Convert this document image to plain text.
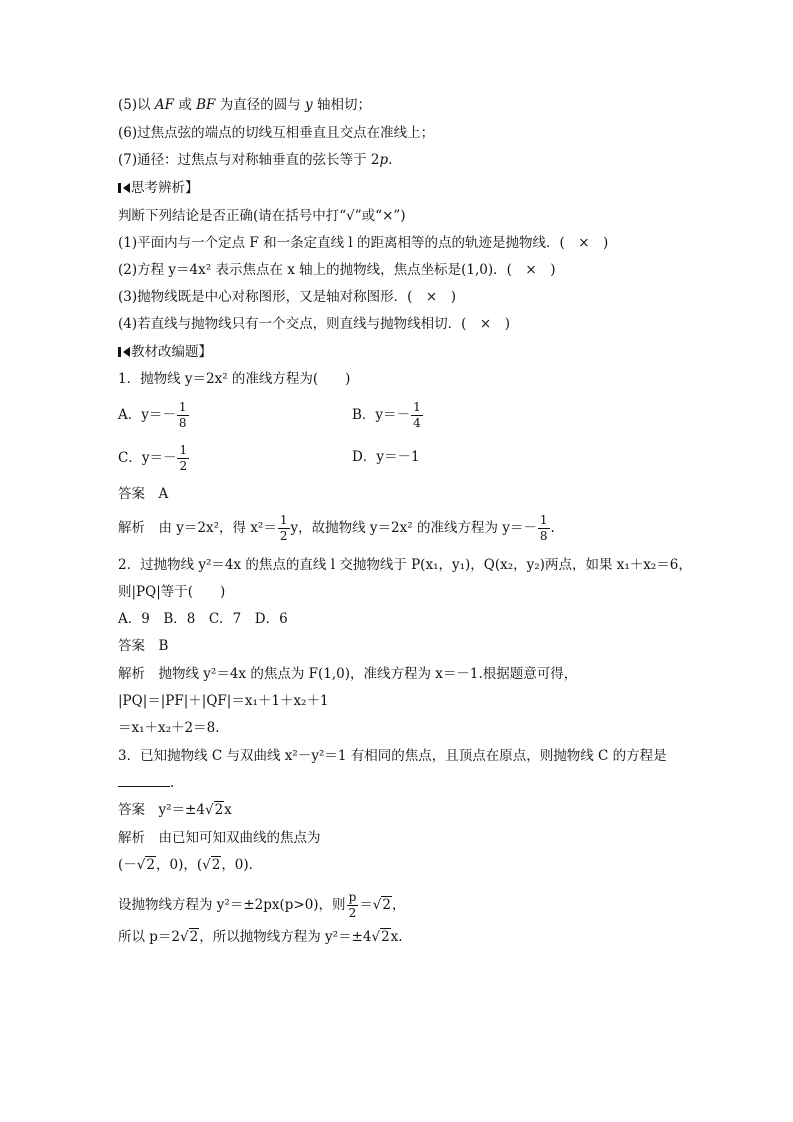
(5)以 AF 或 BF 为直径的圆与 y 轴相切；
(6)过焦点弦的端点的切线互相垂直且交点在准线上；
(7)通径：过焦点与对称轴垂直的弦长等于 2p.
思考辨析】
判断下列结论是否正确(请在括号中打“√”或“×”)
(1)平面内与一个定点 F 和一条定直线 l 的距离相等的点的轨迹是抛物线．(　×　)
(2)方程 y＝4x² 表示焦点在 x 轴上的抛物线，焦点坐标是(1,0)．(　×　)
(3)抛物线既是中心对称图形，又是轴对称图形．(　×　)
(4)若直线与抛物线只有一个交点，则直线与抛物线相切．(　×　)
教材改编题】
1．抛物线 y＝2x² 的准线方程为(　　)
A．$y=- \frac{1}{8}$	B．$y=- \frac{1}{4}$
C．$y=- \frac{1}{2}$	D．y＝－1
答案　A
解析　由 y＝2x²，得 $x^2= \frac{1}{2}$ y，故抛物线 y＝2x² 的准线方程为 $y=- \frac{1}{8}$ .
2．过抛物线 y²＝4x 的焦点的直线 l 交抛物线于 P(x₁，y₁)，Q(x₂，y₂)两点，如果 x₁＋x₂＝6，
则|PQ|等于(　　)
A．9　B．8　C．7　D．6
答案　B
解析　抛物线 y²＝4x 的焦点为 F(1,0)，准线方程为 x＝－1.根据题意可得，
|PQ|＝|PF|＋|QF|＝x₁＋1＋x₂＋1
＝x₁＋x₂＋2＝8.
3．已知抛物线 C 与双曲线 x²－y²＝1 有相同的焦点，且顶点在原点，则抛物线 C 的方程是
.
答案　y²＝±4√2x
解析　由已知可知双曲线的焦点为
(－√2，0)，(√2，0)．
设抛物线方程为 y²＝±2px(p>0)，则 $\frac{p}{2} =√2$，
所以 p＝2√2，所以抛物线方程为 y²＝±4√2x.
